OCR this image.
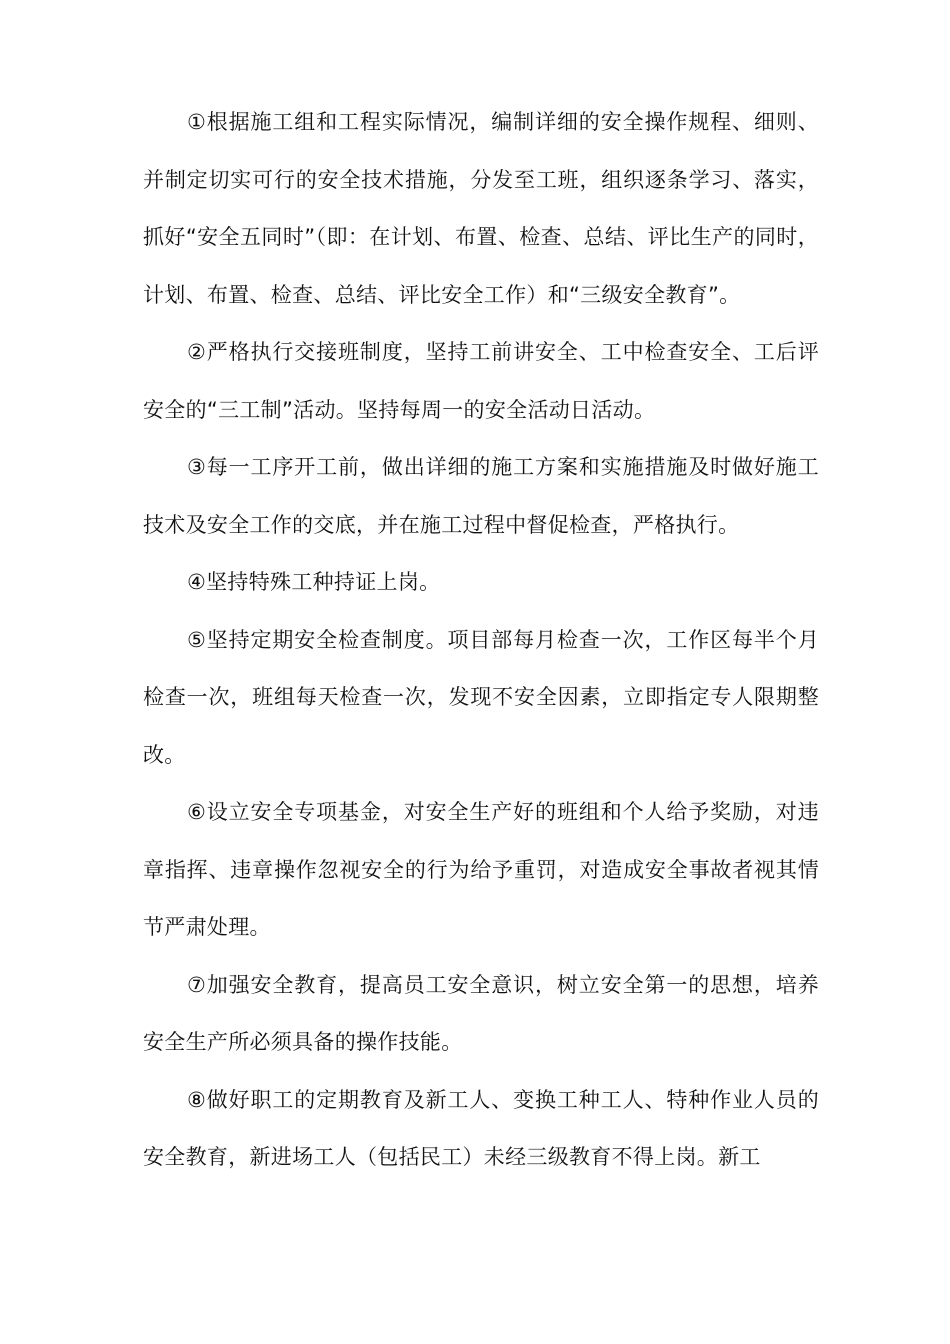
①根据施工组和工程实际情况，编制详细的安全操作规程、细则、并制定切实可行的安全技术措施，分发至工班，组织逐条学习、落实，抓好“安全五同时”（即：在计划、布置、检查、总结、评比生产的同时，计划、布置、检查、总结、评比安全工作）和“三级安全教育”。

②严格执行交接班制度，坚持工前讲安全、工中检查安全、工后评安全的“三工制”活动。坚持每周一的安全活动日活动。

③每一工序开工前，做出详细的施工方案和实施措施及时做好施工技术及安全工作的交底，并在施工过程中督促检查，严格执行。

④坚持特殊工种持证上岗。

⑤坚持定期安全检查制度。项目部每月检查一次，工作区每半个月检查一次，班组每天检查一次，发现不安全因素，立即指定专人限期整改。

⑥设立安全专项基金，对安全生产好的班组和个人给予奖励，对违章指挥、违章操作忽视安全的行为给予重罚，对造成安全事故者视其情节严肃处理。

⑦加强安全教育，提高员工安全意识，树立安全第一的思想，培养安全生产所必须具备的操作技能。

⑧做好职工的定期教育及新工人、变换工种工人、特种作业人员的安全教育，新进场工人（包括民工）未经三级教育不得上岗。新工
